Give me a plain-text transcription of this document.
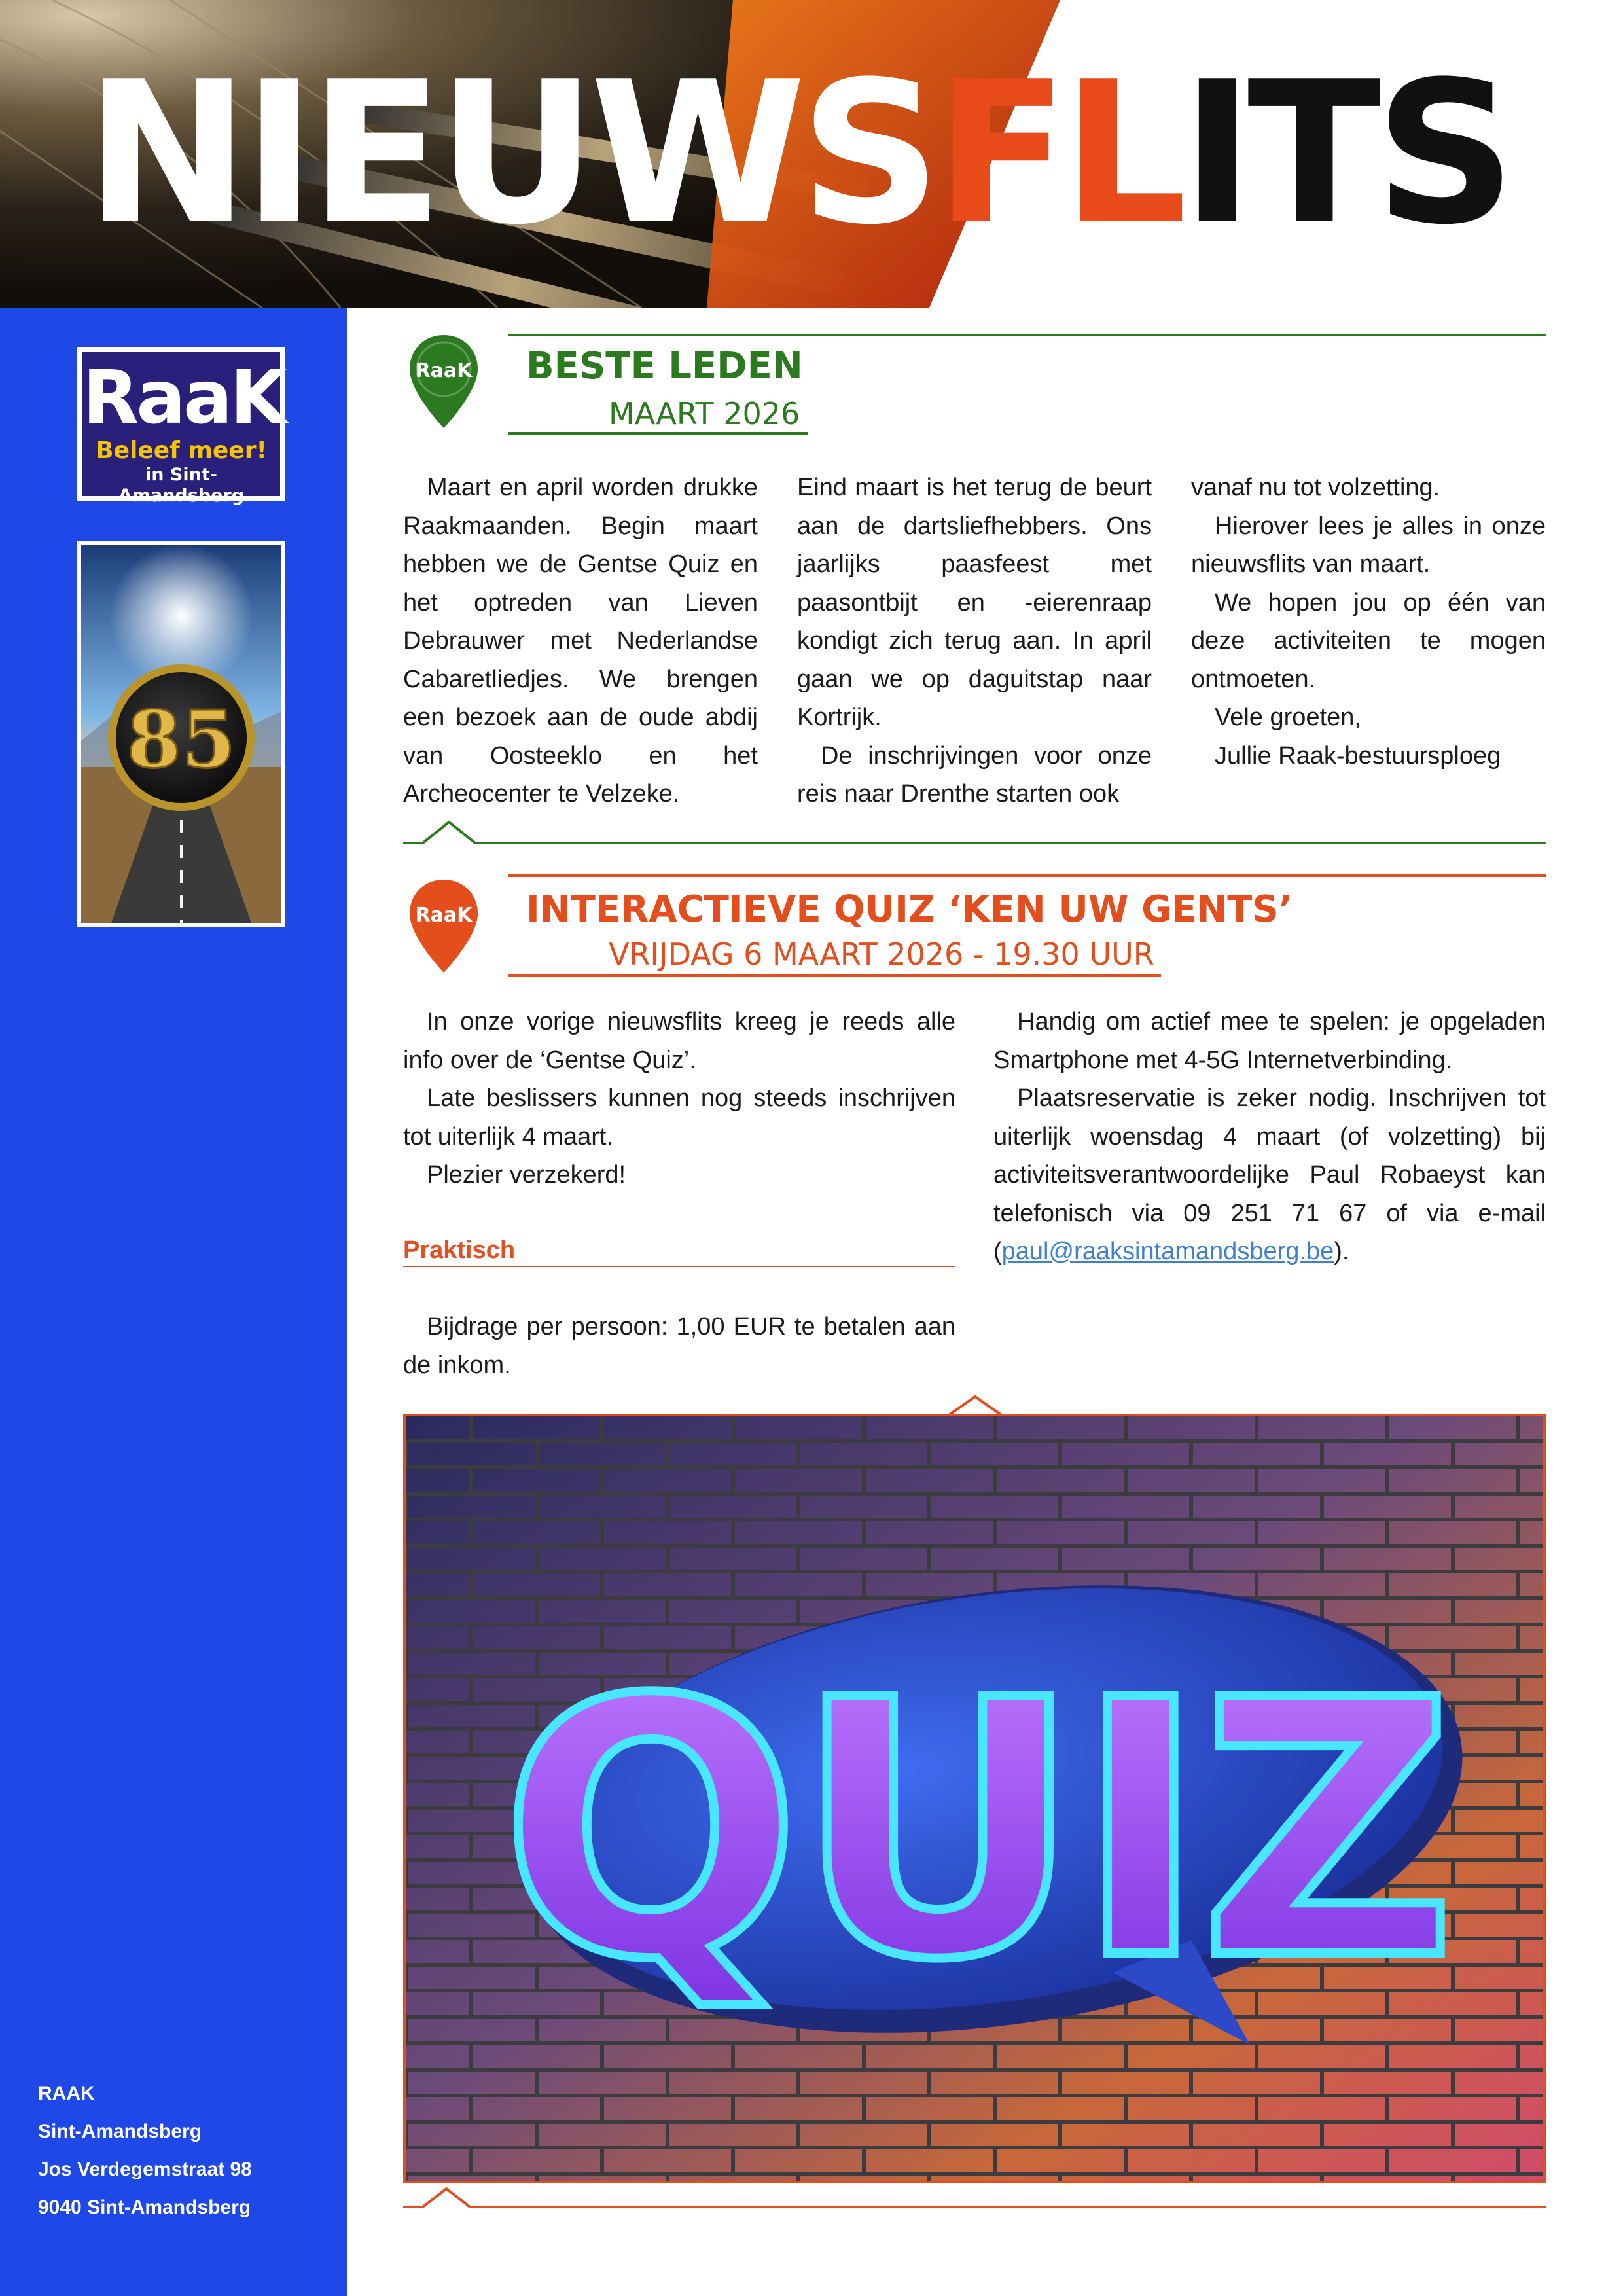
NIEUWSFLITS
RaaK
Beleef meer!
in Sint-Amandsberg
85
RAAK
Sint-Amandsberg
Jos Verdegemstraat 98
9040 Sint-Amandsberg
RaaK BESTE LEDEN
MAART 2026

Maart en april worden drukke Raakmaanden. Begin maart hebben we de Gentse Quiz en het optreden van Lieven Debrauwer met Nederlandse Cabaretliedjes. We brengen een bezoek aan de oude abdij van Oosteeklo en het Archeocenter te Velzeke.

Eind maart is het terug de beurt aan de dartsliefhebbers. Ons jaarlijks paasfeest met paasontbijt en -eierenraap kondigt zich terug aan. In april gaan we op daguitstap naar Kortrijk.

De inschrijvingen voor onze reis naar Drenthe starten ook

vanaf nu tot volzetting.

Hierover lees je alles in onze nieuwsflits van maart.

We hopen jou op één van deze activiteiten te mogen ontmoeten.

Vele groeten,

Jullie Raak-bestuursploeg

RaaK INTERACTIEVE QUIZ ‘KEN UW GENTS’
VRIJDAG 6 MAART 2026 - 19.30 UUR

In onze vorige nieuwsflits kreeg je reeds alle info over de ‘Gentse Quiz’.

Late beslissers kunnen nog steeds inschrijven tot uiterlijk 4 maart.

Plezier verzekerd!

Praktisch

Bijdrage per persoon: 1,00 EUR te betalen aan de inkom.

Handig om actief mee te spelen: je opgeladen Smartphone met 4-5G Internetverbinding.

Plaatsreservatie is zeker nodig. Inschrijven tot uiterlijk woensdag 4 maart (of volzetting) bij activiteitsverantwoordelijke Paul Robaeyst kan telefonisch via 09 251 71 67 of via e-mail (paul@raaksintamandsberg.be).

QUIZ
